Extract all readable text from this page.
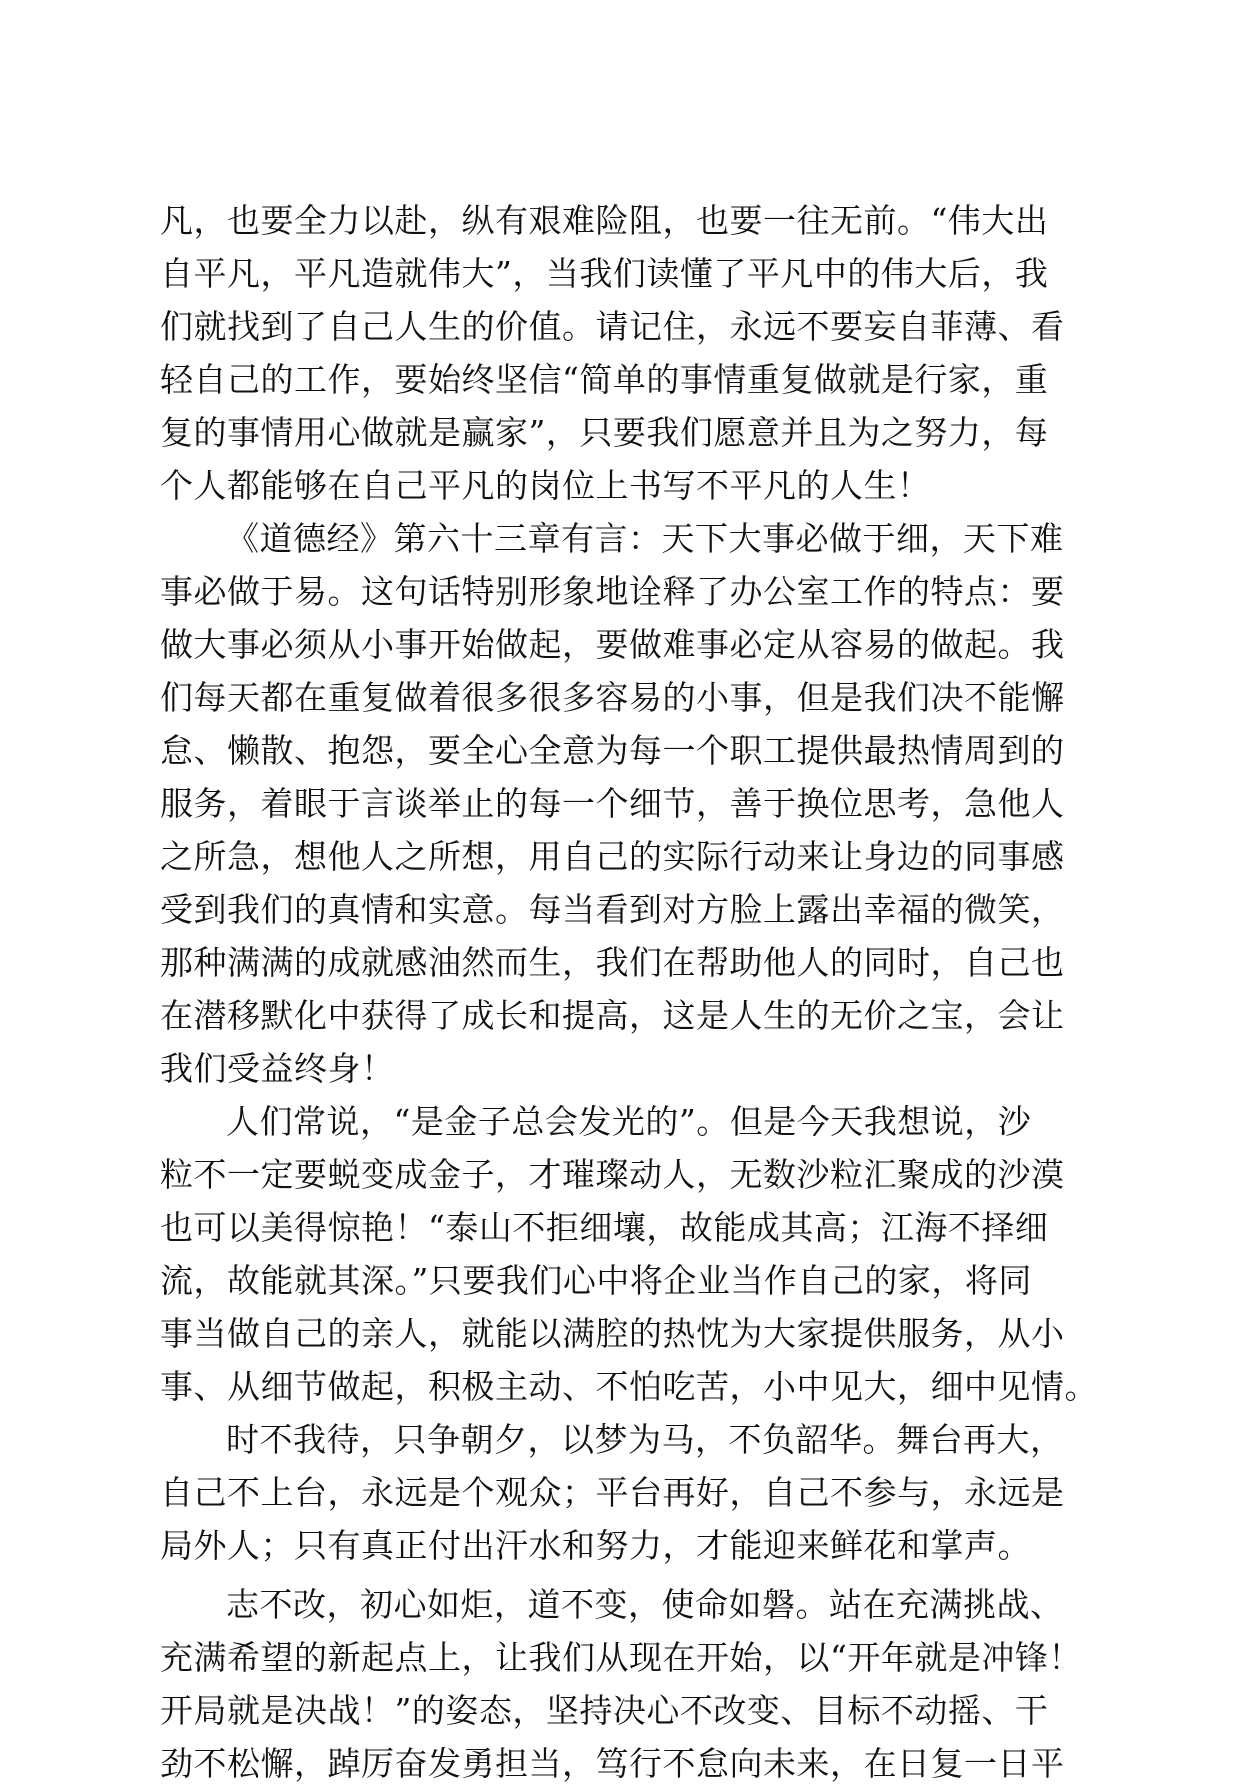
凡，也要全力以赴，纵有艰难险阻，也要一往无前。“伟大出
自平凡，平凡造就伟大”，当我们读懂了平凡中的伟大后，我
们就找到了自己人生的价值。请记住，永远不要妄自菲薄、看
轻自己的工作，要始终坚信“简单的事情重复做就是行家，重
复的事情用心做就是赢家”，只要我们愿意并且为之努力，每
个人都能够在自己平凡的岗位上书写不平凡的人生！
《道德经》第六十三章有言：天下大事必做于细，天下难
事必做于易。这句话特别形象地诠释了办公室工作的特点：要
做大事必须从小事开始做起，要做难事必定从容易的做起。我
们每天都在重复做着很多很多容易的小事，但是我们决不能懈
怠、懒散、抱怨，要全心全意为每一个职工提供最热情周到的
服务，着眼于言谈举止的每一个细节，善于换位思考，急他人
之所急，想他人之所想，用自己的实际行动来让身边的同事感
受到我们的真情和实意。每当看到对方脸上露出幸福的微笑，
那种满满的成就感油然而生，我们在帮助他人的同时，自己也
在潜移默化中获得了成长和提高，这是人生的无价之宝，会让
我们受益终身！
人们常说，“是金子总会发光的”。但是今天我想说，沙
粒不一定要蜕变成金子，才璀璨动人，无数沙粒汇聚成的沙漠
也可以美得惊艳！“泰山不拒细壤，故能成其高；江海不择细
流，故能就其深。”只要我们心中将企业当作自己的家，将同
事当做自己的亲人，就能以满腔的热忱为大家提供服务，从小
事、从细节做起，积极主动、不怕吃苦，小中见大，细中见情。
时不我待，只争朝夕，以梦为马，不负韶华。舞台再大，
自己不上台，永远是个观众；平台再好，自己不参与，永远是
局外人；只有真正付出汗水和努力，才能迎来鲜花和掌声。
志不改，初心如炬，道不变，使命如磐。站在充满挑战、
充满希望的新起点上，让我们从现在开始，以“开年就是冲锋！
开局就是决战！”的姿态，坚持决心不改变、目标不动摇、干
劲不松懈，踔厉奋发勇担当，笃行不怠向未来，在日复一日平
